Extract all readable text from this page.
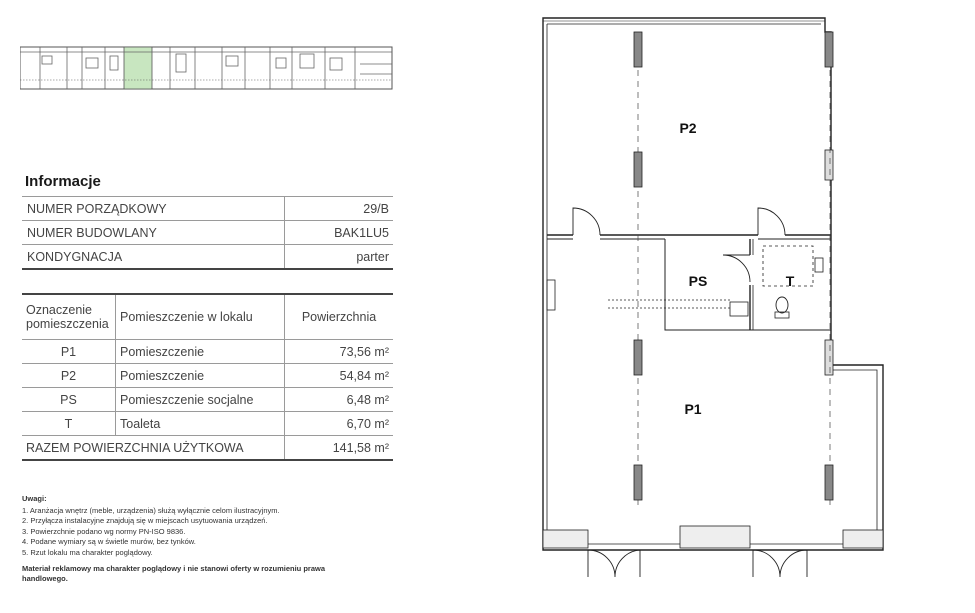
Informacje
NUMER PORZĄDKOWY	29/B
NUMER BUDOWLANY	BAK1LU5
KONDYGNACJA	parter
Oznaczenie pomieszczenia	Pomieszczenie w lokalu	Powierzchnia
P1	Pomieszczenie	73,56 m²
P2	Pomieszczenie	54,84 m²
PS	Pomieszczenie socjalne	6,48 m²
T	Toaleta	6,70 m²
RAZEM POWIERZCHNIA UŻYTKOWA		141,58 m²
Uwagi:
1. Aranżacja wnętrz (meble, urządzenia) służą wyłącznie celom ilustracyjnym.
2. Przyłącza instalacyjne znajdują się w miejscach usytuowania urządzeń.
3. Powierzchnie podano wg normy PN-ISO 9836.
4. Podane wymiary są w świetle murów, bez tynków.
5. Rzut lokalu ma charakter poglądowy.
Materiał reklamowy ma charakter poglądowy i nie stanowi oferty w rozumieniu prawa handlowego.
P2
PS	T
P1
